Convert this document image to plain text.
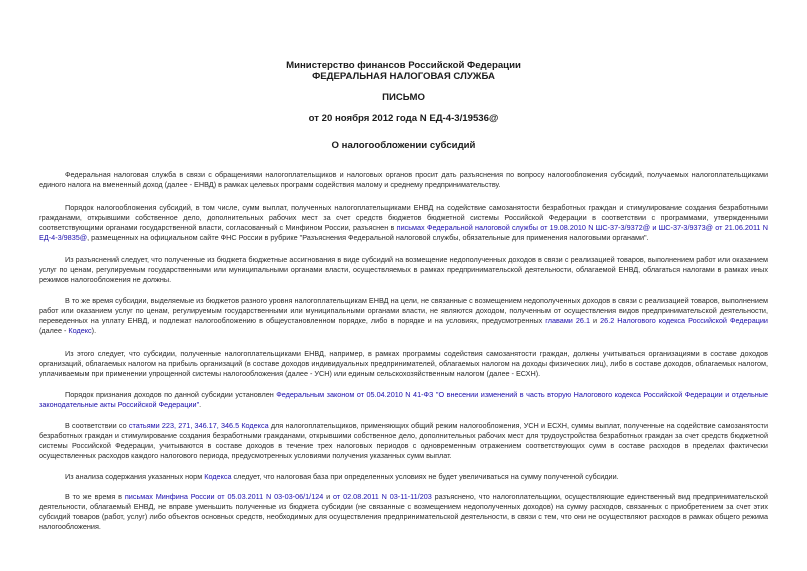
Министерство финансов Российской Федерации
ФЕДЕРАЛЬНАЯ НАЛОГОВАЯ СЛУЖБА
ПИСЬМО
от 20 ноября 2012 года N ЕД-4-3/19536@
О налогообложении субсидий

Федеральная налоговая служба в связи с обращениями налогоплательщиков и налоговых органов просит дать разъяснения по вопросу налогообложения субсидий, получаемых налогоплательщиками единого налога на вмененный доход (далее - ЕНВД) в рамках целевых программ содействия малому и среднему предпринимательству.

Порядок налогообложения субсидий, в том числе, сумм выплат, полученных налогоплательщиками ЕНВД на содействие самозанятости безработных граждан и стимулирование создания безработными гражданами, открывшими собственное дело, дополнительных рабочих мест за счет средств бюджетов бюджетной системы Российской Федерации в соответствии с программами, утвержденными соответствующими органами государственной власти, согласованный с Минфином России, разъяснен в письмах Федеральной налоговой службы от 19.08.2010 N ШС-37-3/9372@ и ШС-37-3/9373@ от 21.06.2011 N ЕД-4-3/9835@, размещенных на официальном сайте ФНС России в рубрике "Разъяснения Федеральной налоговой службы, обязательные для применения налоговыми органами".

Из разъяснений следует, что полученные из бюджета бюджетные ассигнования в виде субсидий на возмещение недополученных доходов в связи с реализацией товаров, выполнением работ или оказанием услуг по ценам, регулируемым государственными или муниципальными органами власти, осуществляемых в рамках предпринимательской деятельности, облагаемой ЕНВД, облагаться налогами в рамках иных режимов налогообложения не должны.

В то же время субсидии, выделяемые из бюджетов разного уровня налогоплательщикам ЕНВД на цели, не связанные с возмещением недополученных доходов в связи с реализацией товаров, выполнением работ или оказанием услуг по ценам, регулируемым государственными или муниципальными органами власти, не являются доходом, полученным от осуществления видов предпринимательской деятельности, переведенных на уплату ЕНВД, и подлежат налогообложению в общеустановленном порядке, либо в порядке и на условиях, предусмотренных главами 26.1 и 26.2 Налогового кодекса Российской Федерации (далее - Кодекс).

Из этого следует, что субсидии, полученные налогоплательщиками ЕНВД, например, в рамках программы содействия самозанятости граждан, должны учитываться организациями в составе доходов организаций, облагаемых налогом на прибыль организаций (в составе доходов индивидуальных предпринимателей, облагаемых налогом на доходы физических лиц), либо в составе доходов, облагаемых налогом, уплачиваемым при применении упрощенной системы налогообложения (далее - УСН) или единым сельскохозяйственным налогом (далее - ЕСХН).

Порядок признания доходов по данной субсидии установлен Федеральным законом от 05.04.2010 N 41-ФЗ "О внесении изменений в часть вторую Налогового кодекса Российской Федерации и отдельные законодательные акты Российской Федерации".

В соответствии со статьями 223, 271, 346.17, 346.5 Кодекса для налогоплательщиков, применяющих общий режим налогообложения, УСН и ЕСХН, суммы выплат, полученные на содействие самозанятости безработных граждан и стимулирование создания безработными гражданами, открывшими собственное дело, дополнительных рабочих мест для трудоустройства безработных граждан за счет средств бюджетной системы Российской Федерации, учитываются в составе доходов в течение трех налоговых периодов с одновременным отражением соответствующих сумм в составе расходов в пределах фактически осуществленных расходов каждого налогового периода, предусмотренных условиями получения указанных сумм выплат.

Из анализа содержания указанных норм Кодекса следует, что налоговая база при определенных условиях не будет увеличиваться на сумму полученной субсидии.

В то же время в письмах Минфина России от 05.03.2011 N 03-03-06/1/124 и от 02.08.2011 N 03-11-11/203 разъяснено, что налогоплательщики, осуществляющие единственный вид предпринимательской деятельности, облагаемый ЕНВД, не вправе уменьшить полученные из бюджета субсидии (не связанные с возмещением недополученных доходов) на сумму расходов, связанных с приобретением за счет этих субсидий товаров (работ, услуг) либо объектов основных средств, необходимых для осуществления предпринимательской деятельности, в связи с тем, что они не осуществляют расходов в рамках общего режима налогообложения.
